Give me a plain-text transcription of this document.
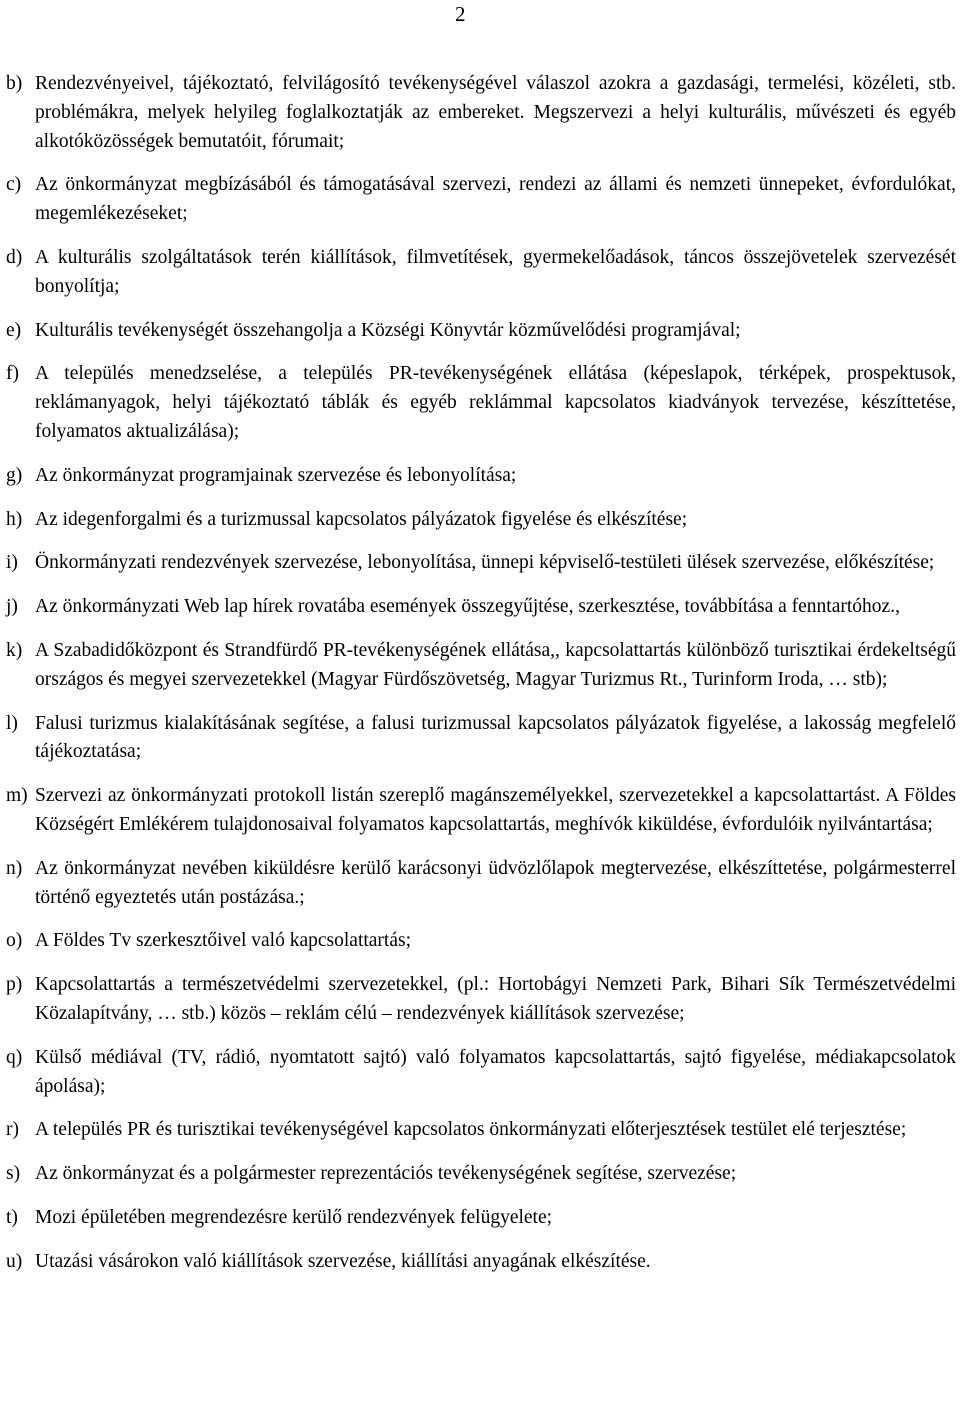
2
b) Rendezvényeivel, tájékoztató, felvilágosító tevékenységével válaszol azokra a gazdasági, termelési, közéleti, stb. problémákra, melyek helyileg foglalkoztatják az embereket. Megszervezi a helyi kulturális, művészeti és egyéb alkotóközösségek bemutatóit, fórumait;
c) Az önkormányzat megbízásából és támogatásával szervezi, rendezi az állami és nemzeti ünnepeket, évfordulókat, megemlékezéseket;
d) A kulturális szolgáltatások terén kiállítások, filmvetítések, gyermekelőadások, táncos összejövetelek szervezését bonyolítja;
e) Kulturális tevékenységét összehangolja a Községi Könyvtár közművelődési programjával;
f) A település menedzselése, a település PR-tevékenységének ellátása (képeslapok, térképek, prospektusok, reklámanyagok, helyi tájékoztató táblák és egyéb reklámmal kapcsolatos kiadványok tervezése, készíttetése, folyamatos aktualizálása);
g) Az önkormányzat programjainak szervezése és lebonyolítása;
h) Az idegenforgalmi és a turizmussal kapcsolatos pályázatok figyelése és elkészítése;
i) Önkormányzati rendezvények szervezése, lebonyolítása, ünnepi képviselő-testületi ülések szervezése, előkészítése;
j) Az önkormányzati Web lap hírek rovatába események összegyűjtése, szerkesztése, továbbítása a fenntartóhoz.,
k) A Szabadidőközpont és Strandfürdő PR-tevékenységének ellátása,, kapcsolattartás különböző turisztikai érdekeltségű országos és megyei szervezetekkel (Magyar Fürdőszövetség, Magyar Turizmus Rt., Turinform Iroda, … stb);
l) Falusi turizmus kialakításának segítése, a falusi turizmussal kapcsolatos pályázatok figyelése, a lakosság megfelelő tájékoztatása;
m) Szervezi az önkormányzati protokoll listán szereplő magánszemélyekkel, szervezetekkel a kapcsolattartást. A Földes Községért Emlékérem tulajdonosaival folyamatos kapcsolattartás, meghívók kiküldése, évfordulóik nyilvántartása;
n) Az önkormányzat nevében kiküldésre kerülő karácsonyi üdvözlőlapok megtervezése, elkészíttetése, polgármesterrel történő egyeztetés után postázása.;
o) A Földes Tv szerkesztőivel való kapcsolattartás;
p) Kapcsolattartás a természetvédelmi szervezetekkel, (pl.: Hortobágyi Nemzeti Park, Bihari Sík Természetvédelmi Közalapítvány, … stb.) közös – reklám célú – rendezvények kiállítások szervezése;
q) Külső médiával (TV, rádió, nyomtatott sajtó) való folyamatos kapcsolattartás, sajtó figyelése, médiakapcsolatok ápolása);
r) A település PR és turisztikai tevékenységével kapcsolatos önkormányzati előterjesztések testület elé terjesztése;
s) Az önkormányzat és a polgármester reprezentációs tevékenységének segítése, szervezése;
t) Mozi épületében megrendezésre kerülő rendezvények felügyelete;
u) Utazási vásárokon való kiállítások szervezése, kiállítási anyagának elkészítése.
